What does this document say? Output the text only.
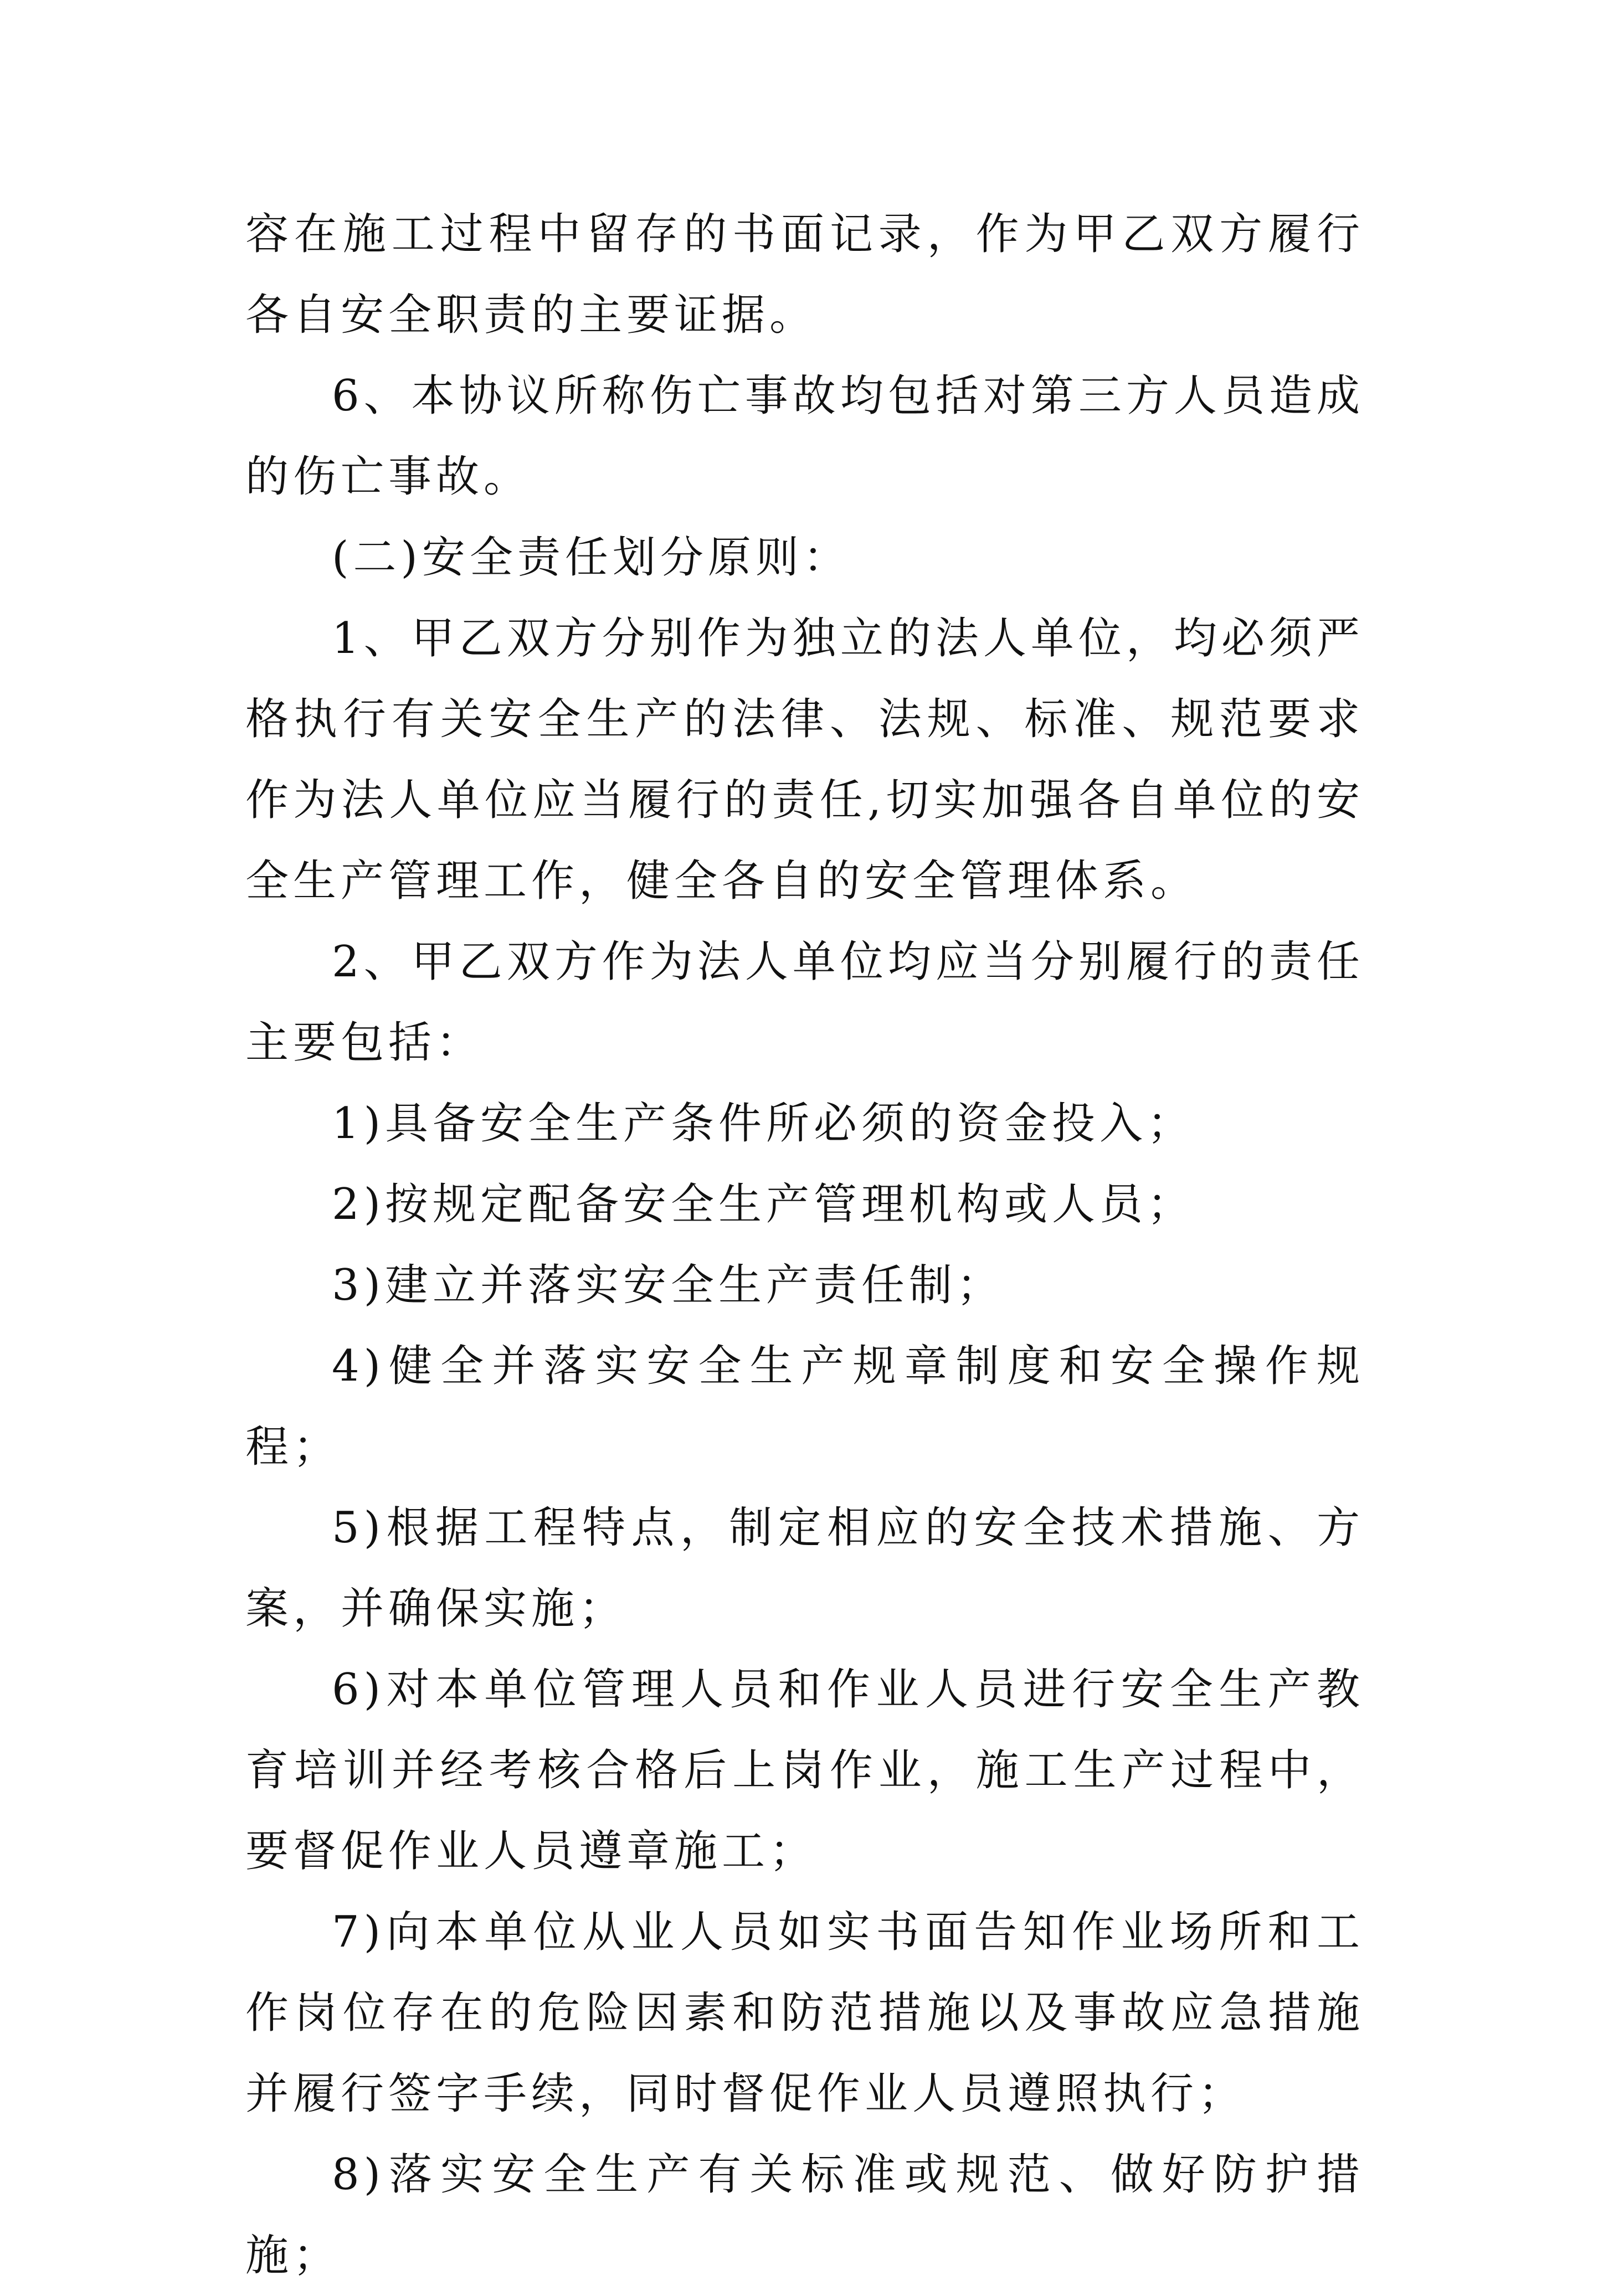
容在施工过程中留存的书面记录，作为甲乙双方履行各自安全职责的主要证据。

6、本协议所称伤亡事故均包括对第三方人员造成的伤亡事故。

(二)安全责任划分原则：

1、甲乙双方分别作为独立的法人单位，均必须严格执行有关安全生产的法律、法规、标准、规范要求作为法人单位应当履行的责任,切实加强各自单位的安全生产管理工作，健全各自的安全管理体系。

2、甲乙双方作为法人单位均应当分别履行的责任主要包括：

1)具备安全生产条件所必须的资金投入；

2)按规定配备安全生产管理机构或人员；

3)建立并落实安全生产责任制；

4)健全并落实安全生产规章制度和安全操作规程；

5)根据工程特点，制定相应的安全技术措施、方案，并确保实施；

6)对本单位管理人员和作业人员进行安全生产教育培训并经考核合格后上岗作业，施工生产过程中，要督促作业人员遵章施工；

7)向本单位从业人员如实书面告知作业场所和工作岗位存在的危险因素和防范措施以及事故应急措施并履行签字手续，同时督促作业人员遵照执行；

8)落实安全生产有关标准或规范、做好防护措施；
